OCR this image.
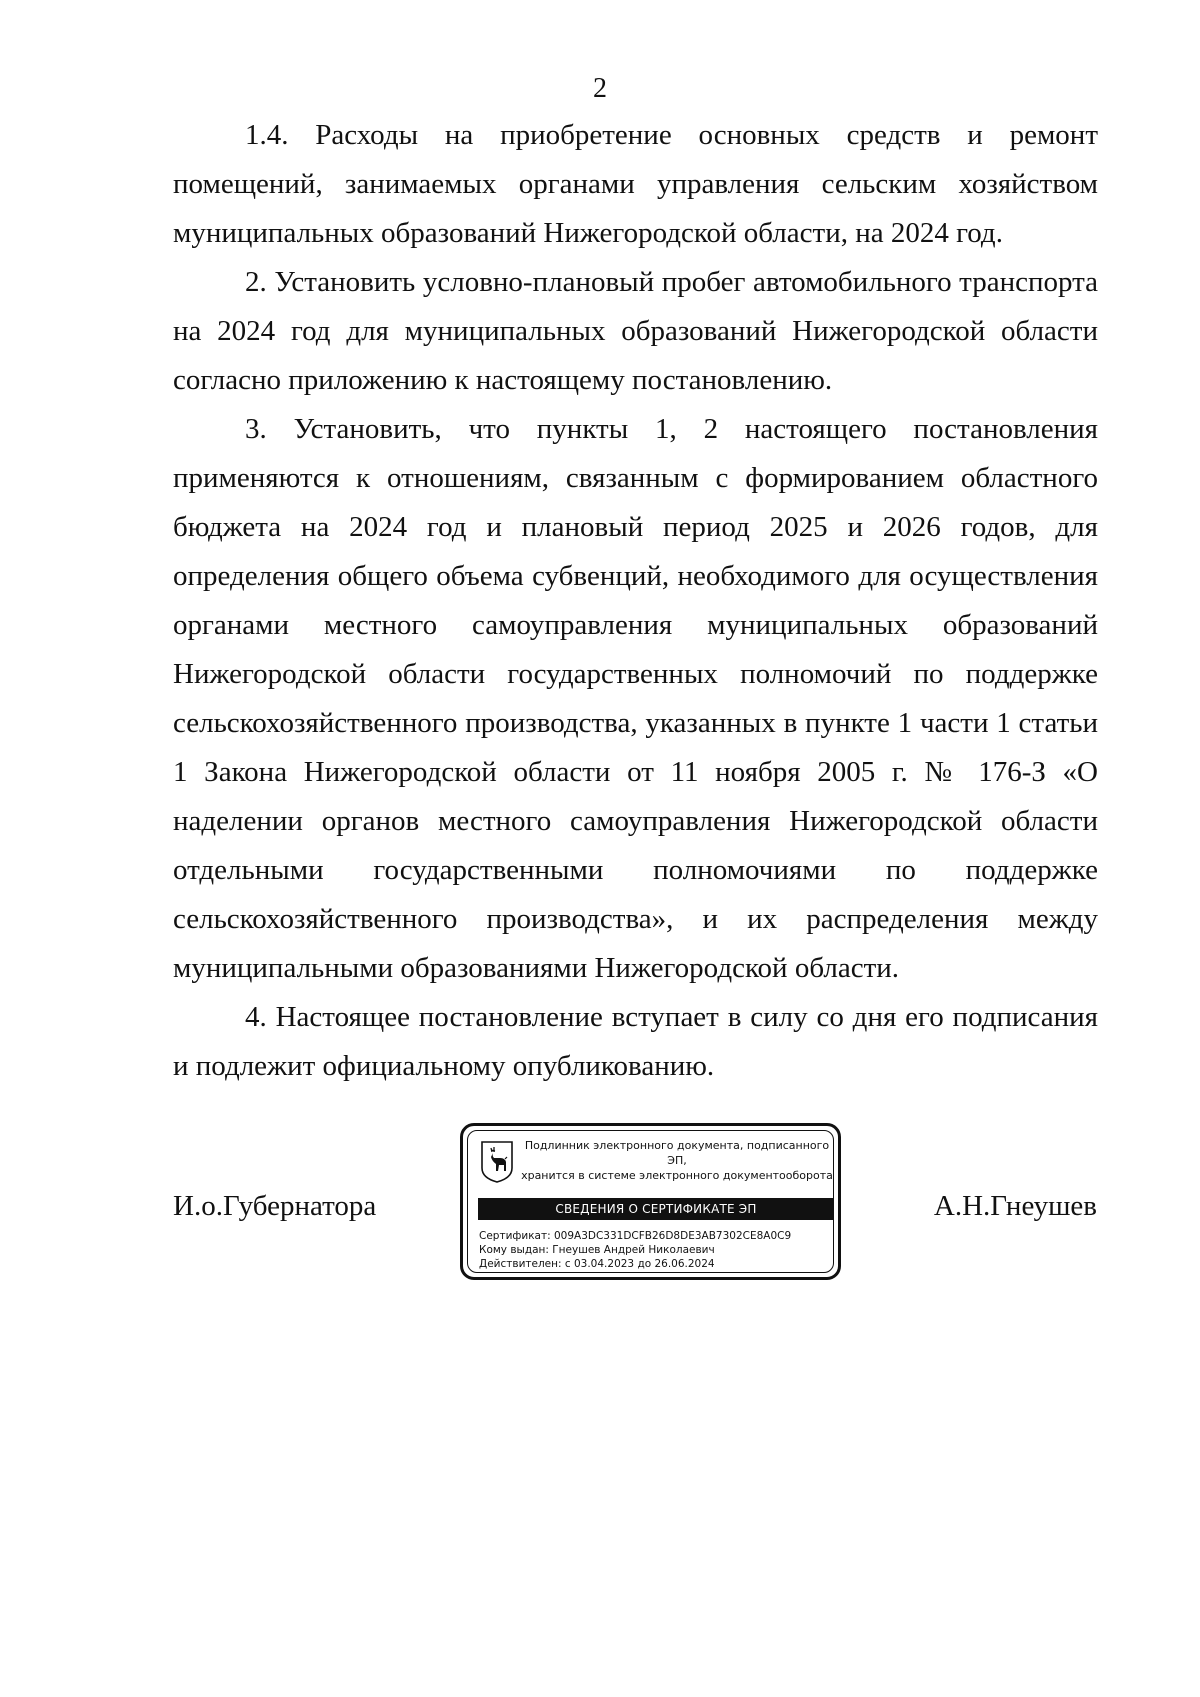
2

1.4. Расходы на приобретение основных средств и ремонт помещений, занимаемых органами управления сельским хозяйством муниципальных образований Нижегородской области, на 2024 год.

2. Установить условно-плановый пробег автомобильного транспорта на 2024 год для муниципальных образований Нижегородской области согласно приложению к настоящему постановлению.

3. Установить, что пункты 1, 2 настоящего постановления применяются к отношениям, связанным с формированием областного бюджета на 2024 год и плановый период 2025 и 2026 годов, для определения общего объема субвенций, необходимого для осуществления органами местного самоуправления муниципальных образований Нижегородской области государственных полномочий по поддержке сельскохозяйственного производства, указанных в пункте 1 части 1 статьи 1 Закона Нижегородской области от 11 ноября 2005 г. № 176-З «О наделении органов местного самоуправления Нижегородской области отдельными государственными полномочиями по поддержке сельскохозяйственного производства», и их распределения между муниципальными образованиями Нижегородской области.

4. Настоящее постановление вступает в силу со дня его подписания и подлежит официальному опубликованию.

И.о.Губернатора	А.Н.Гнеушев
Подлинник электронного документа, подписанного ЭП,
хранится в системе электронного документооборота
СВЕДЕНИЯ О СЕРТИФИКАТЕ ЭП
Сертификат: 009A3DC331DCFB26D8DE3AB7302CE8A0C9
Кому выдан: Гнеушев Андрей Николаевич
Действителен: с 03.04.2023 до 26.06.2024
